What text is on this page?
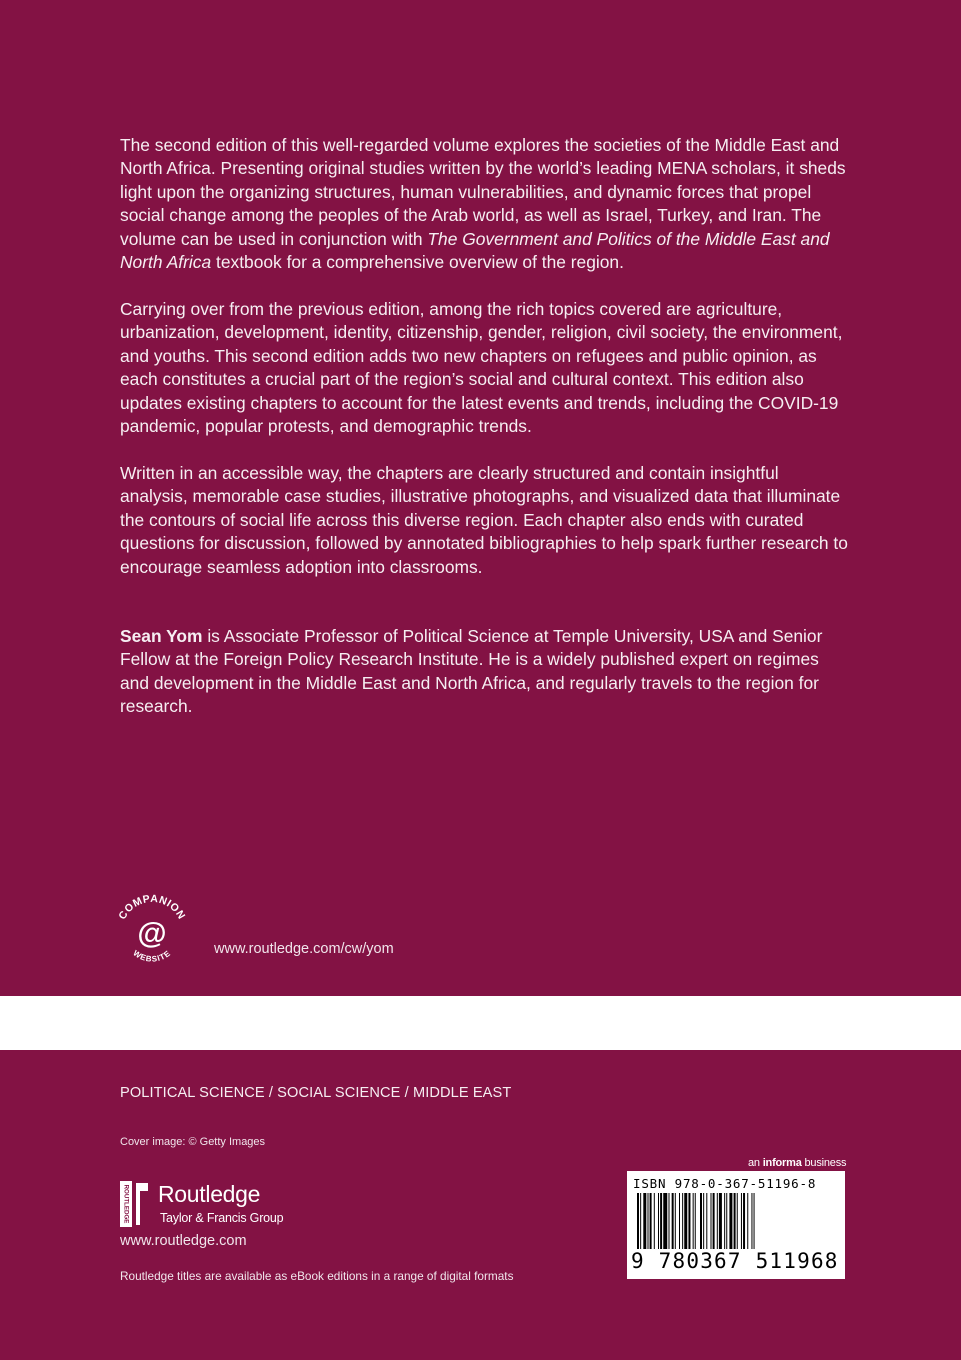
The second edition of this well-regarded volume explores the societies of the Middle East and North Africa. Presenting original studies written by the world’s leading MENA scholars, it sheds light upon the organizing structures, human vulnerabilities, and dynamic forces that propel social change among the peoples of the Arab world, as well as Israel, Turkey, and Iran. The volume can be used in conjunction with The Government and Politics of the Middle East and North Africa textbook for a comprehensive overview of the region.

Carrying over from the previous edition, among the rich topics covered are agriculture, urbanization, development, identity, citizenship, gender, religion, civil society, the environment, and youths. This second edition adds two new chapters on refugees and public opinion, as each constitutes a crucial part of the region’s social and cultural context. This edition also updates existing chapters to account for the latest events and trends, including the COVID-19 pandemic, popular protests, and demographic trends.

Written in an accessible way, the chapters are clearly structured and contain insightful analysis, memorable case studies, illustrative photographs, and visualized data that illuminate the contours of social life across this diverse region. Each chapter also ends with curated questions for discussion, followed by annotated bibliographies to help spark further research to encourage seamless adoption into classrooms.

Sean Yom is Associate Professor of Political Science at Temple University, USA and Senior Fellow at the Foreign Policy Research Institute. He is a widely published expert on regimes and development in the Middle East and North Africa, and regularly travels to the region for research.

COMPANION
@
WEBSITE	www.routledge.com/cw/yom
POLITICAL SCIENCE / SOCIAL SCIENCE / MIDDLE EAST
Cover image: © Getty Images
ROUTLEDGE Routledge
Taylor & Francis Group
www.routledge.com
Routledge titles are available as eBook editions in a range of digital formats
an informa business
ISBN 978-0-367-51196-8
9 780367 511968
